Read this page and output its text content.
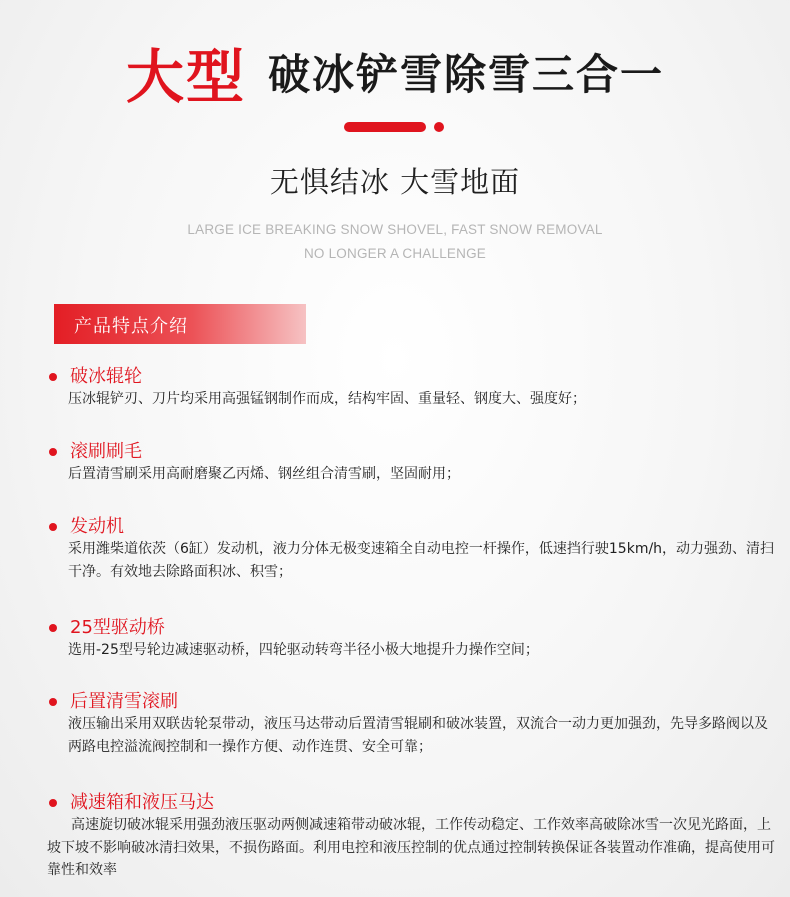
大型 破冰铲雪除雪三合一
无惧结冰 大雪地面
LARGE ICE BREAKING SNOW SHOVEL, FAST SNOW REMOVAL
NO LONGER A CHALLENGE
产品特点介绍
破冰辊轮
压冰辊铲刃、刀片均采用高强锰钢制作而成，结构牢固、重量轻、钢度大、强度好；
滚刷刷毛
后置清雪刷采用高耐磨聚乙丙烯、钢丝组合清雪刷，坚固耐用；
发动机
采用潍柴道依茨（6缸）发动机，液力分体无极变速箱全自动电控一杆操作，低速挡行驶15km/h，动力强劲、清扫干净。有效地去除路面积冰、积雪；
25型驱动桥
选用-25型号轮边减速驱动桥，四轮驱动转弯半径小极大地提升力操作空间；
后置清雪滚刷
液压输出采用双联齿轮泵带动，液压马达带动后置清雪辊刷和破冰装置，双流合一动力更加强劲，先导多路阀以及两路电控溢流阀控制和一操作方便、动作连贯、安全可靠；
减速箱和液压马达
高速旋切破冰辊采用强劲液压驱动两侧减速箱带动破冰辊，工作传动稳定、工作效率高破除冰雪一次见光路面，上坡下坡不影响破冰清扫效果，不损伤路面。利用电控和液压控制的优点通过控制转换保证各装置动作准确，提高使用可靠性和效率
